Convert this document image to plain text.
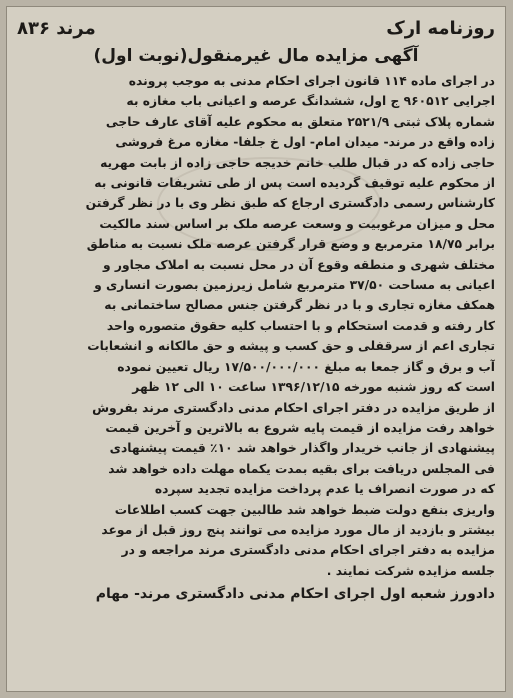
روزنامه ارک
مرند ۸۳۶
آگهی مزایده مال غیرمنقول(نوبت اول)
در اجرای ماده ۱۱۴ قانون اجرای احکام مدنی به موجب پرونده
اجرایی ۹۶۰۵۱۲ ج اول، ششدانگ عرصه و اعیانی باب مغازه به
شماره پلاک ثبتی ۲۵۲۱/۹ متعلق به محکوم علیه آقای عارف حاجی
زاده واقع در مرند- میدان امام- اول خ جلفا- مغازه مرغ فروشی
حاجی زاده که در قبال طلب خانم خدیجه حاجی زاده از بابت مهریه
از محکوم علیه توقیف گردیده است پس از طی تشریفات قانونی به
کارشناس رسمی دادگستری ارجاع که طبق نظر وی با در نظر گرفتن
محل و میزان مرغوبیت و وسعت عرصه ملک بر اساس سند مالکیت
برابر ۱۸/۷۵ مترمربع و وضع قرار گرفتن عرصه ملک نسبت به مناطق
مختلف شهری و منطقه وقوع آن در محل نسبت به املاک مجاور و
اعیانی به مساحت ۳۷/۵۰ مترمربع شامل زیرزمین بصورت انساری و
همکف مغازه تجاری و با در نظر گرفتن جنس مصالح ساختمانی به
کار رفته و قدمت استحکام و با احتساب کلیه حقوق متصوره واحد
تجاری اعم از سرقفلی و حق کسب و پیشه و حق مالکانه و انشعابات
آب و برق و گاز جمعا به مبلغ ۱۷/۵۰۰/۰۰۰/۰۰۰ ریال تعیین نموده
است که روز شنبه مورخه ۱۳۹۶/۱۲/۱۵ ساعت ۱۰ الی ۱۲ ظهر
از طریق مزایده در دفتر اجرای احکام مدنی دادگستری مرند بفروش
خواهد رفت مزایده از قیمت پایه شروع به بالاترین و آخرین قیمت
پیشنهادی از جانب خریدار واگذار خواهد شد ۱۰٪ قیمت پیشنهادی
فی المجلس دریافت برای بقیه بمدت یکماه مهلت داده خواهد شد
که در صورت انصراف یا عدم پرداخت مزایده تجدید سپرده
واریزی بنفع دولت ضبط خواهد شد طالبین جهت کسب اطلاعات
بیشتر و بازدید از مال مورد مزایده می توانند پنج روز قبل از موعد
مزایده به دفتر اجرای احکام مدنی دادگستری مرند مراجعه و در
جلسه مزایده شرکت نمایند .
دادورز شعبه اول اجرای احکام مدنی دادگستری مرند- مهام
